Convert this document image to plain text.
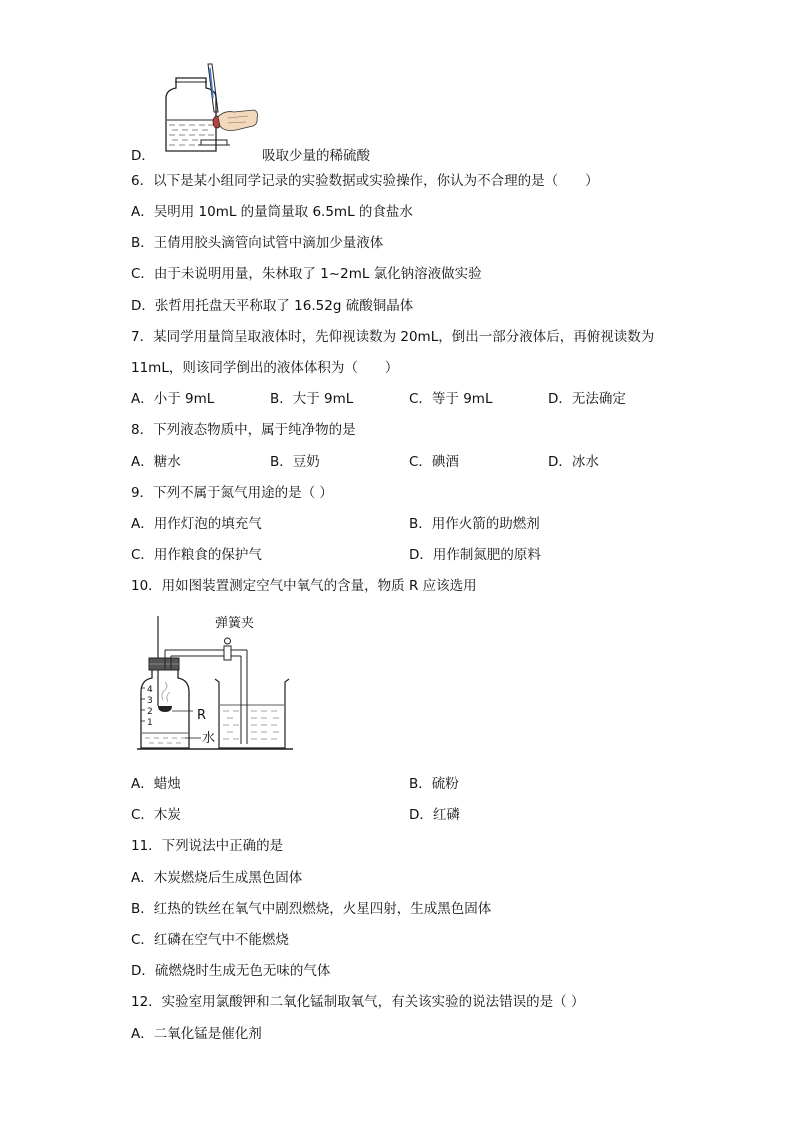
D．	吸取少量的稀硫酸
6．以下是某小组同学记录的实验数据或实验操作，你认为不合理的是（　　）
A．吴明用 10mL 的量筒量取 6.5mL 的食盐水
B．王倩用胶头滴管向试管中滴加少量液体
C．由于未说明用量，朱林取了 1~2mL 氯化钠溶液做实验
D．张哲用托盘天平称取了 16.52g 硫酸铜晶体
7．某同学用量筒呈取液体时，先仰视读数为 20mL，倒出一部分液体后，再俯视读数为
11mL，则该同学倒出的液体体积为（　　）
A．小于 9mL	B．大于 9mL	C．等于 9mL	D．无法确定
8．下列液态物质中，属于纯净物的是
A．糖水	B．豆奶	C．碘酒	D．冰水
9．下列不属于氮气用途的是（ ）
A．用作灯泡的填充气	B．用作火箭的助燃剂
C．用作粮食的保护气	D．用作制氮肥的原料
10．用如图装置测定空气中氧气的含量，物质 R 应该选用
弹簧夹
4
3
2
1	R
水
A．蜡烛	B．硫粉
C．木炭	D．红磷
11．下列说法中正确的是
A．木炭燃烧后生成黑色固体
B．红热的铁丝在氧气中剧烈燃烧，火星四射，生成黑色固体
C．红磷在空气中不能燃烧
D．硫燃烧时生成无色无味的气体
12．实验室用氯酸钾和二氧化锰制取氧气，有关该实验的说法错误的是（ ）
A．二氧化锰是催化剂
